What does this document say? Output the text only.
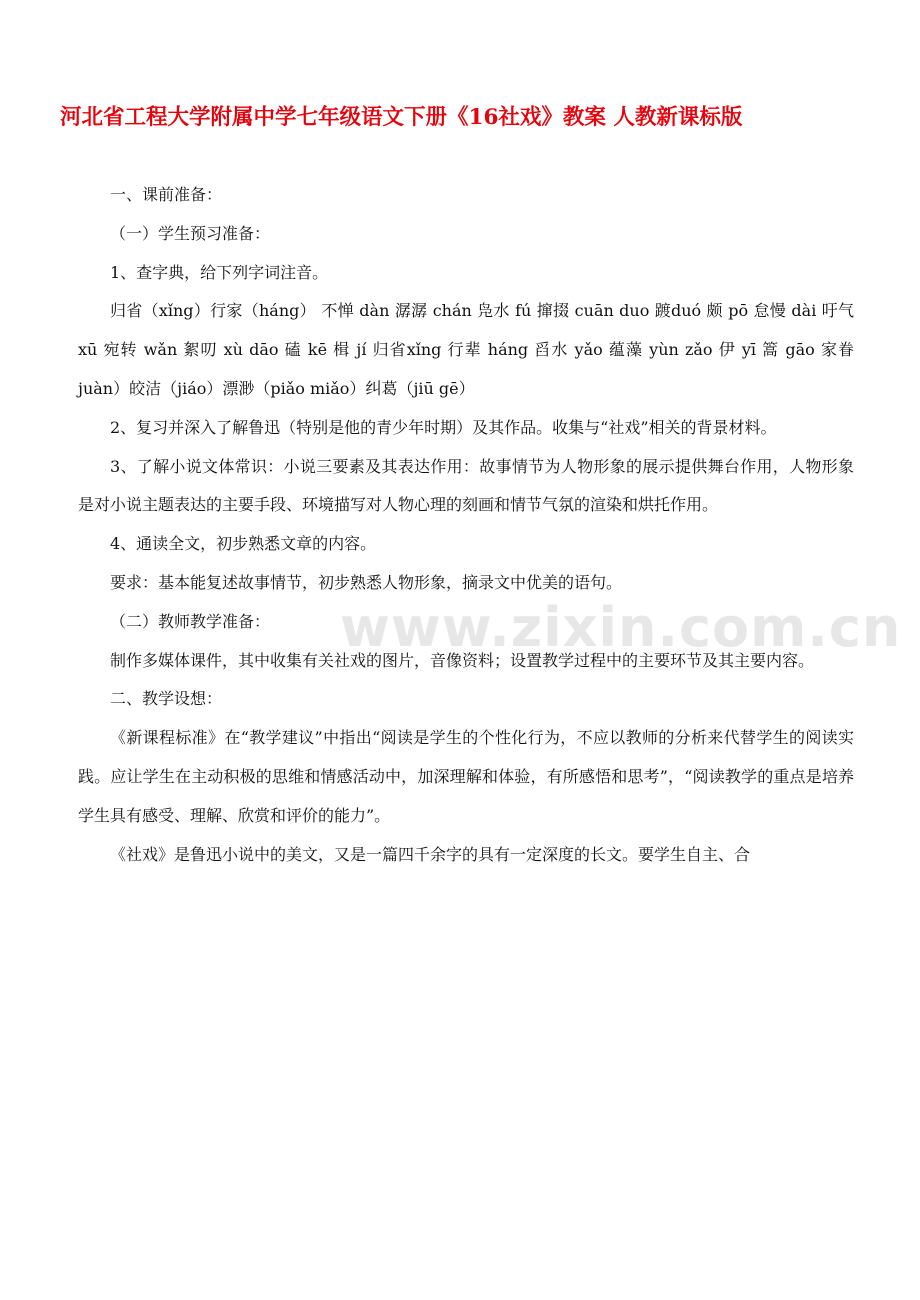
www.zixin.com.cn
河北省工程大学附属中学七年级语文下册《16社戏》教案 人教新课标版

一、课前准备：

（一）学生预习准备：

1、查字典，给下列字词注音。

归省（xǐng）行家（háng） 不惮 dàn 潺潺 chán 凫水 fú 撺掇 cuān duo 踱duó 颇 pō 怠慢 dài 吁气 xū 宛转 wǎn 絮叨 xù dāo 磕 kē 楫 jí 归省xǐng 行辈 háng 舀水 yǎo 蕴藻 yùn zǎo 伊 yī 篙 gāo 家眷 juàn）皎洁（jiáo）漂渺（piǎo miǎo）纠葛（jiū gē）

2、复习并深入了解鲁迅（特别是他的青少年时期）及其作品。收集与“社戏”相关的背景材料。

3、了解小说文体常识：小说三要素及其表达作用：故事情节为人物形象的展示提供舞台作用，人物形象是对小说主题表达的主要手段、环境描写对人物心理的刻画和情节气氛的渲染和烘托作用。

4、通读全文，初步熟悉文章的内容。

要求：基本能复述故事情节，初步熟悉人物形象，摘录文中优美的语句。

（二）教师教学准备：

制作多媒体课件，其中收集有关社戏的图片，音像资料；设置教学过程中的主要环节及其主要内容。

二、教学设想：

《新课程标准》在“教学建议”中指出“阅读是学生的个性化行为，不应以教师的分析来代替学生的阅读实践。应让学生在主动积极的思维和情感活动中，加深理解和体验，有所感悟和思考”，“阅读教学的重点是培养学生具有感受、理解、欣赏和评价的能力”。

《社戏》是鲁迅小说中的美文，又是一篇四千余字的具有一定深度的长文。要学生自主、合
